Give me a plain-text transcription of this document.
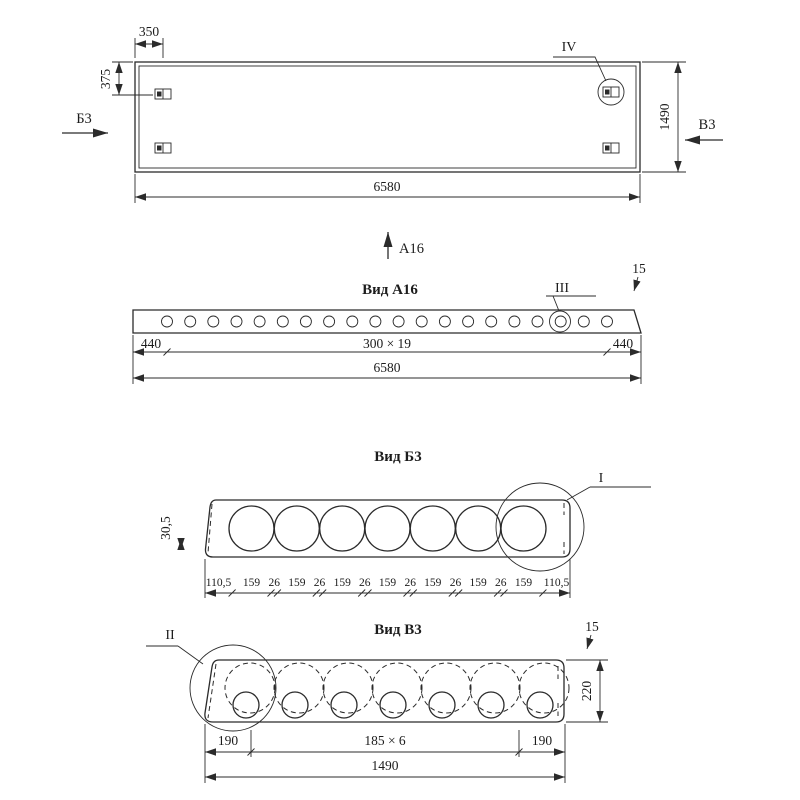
IV
350
375
Б3	В3
1490
6580
А16
Вид А16	III
15
440	300 × 19	440
6580
Вид Б3
I
30,5
110,5 159 26 159 26 159 26 159 26 159 26 159 26 159 110,5
Вид В3
II
15
220
190	185 × 6	190
1490
